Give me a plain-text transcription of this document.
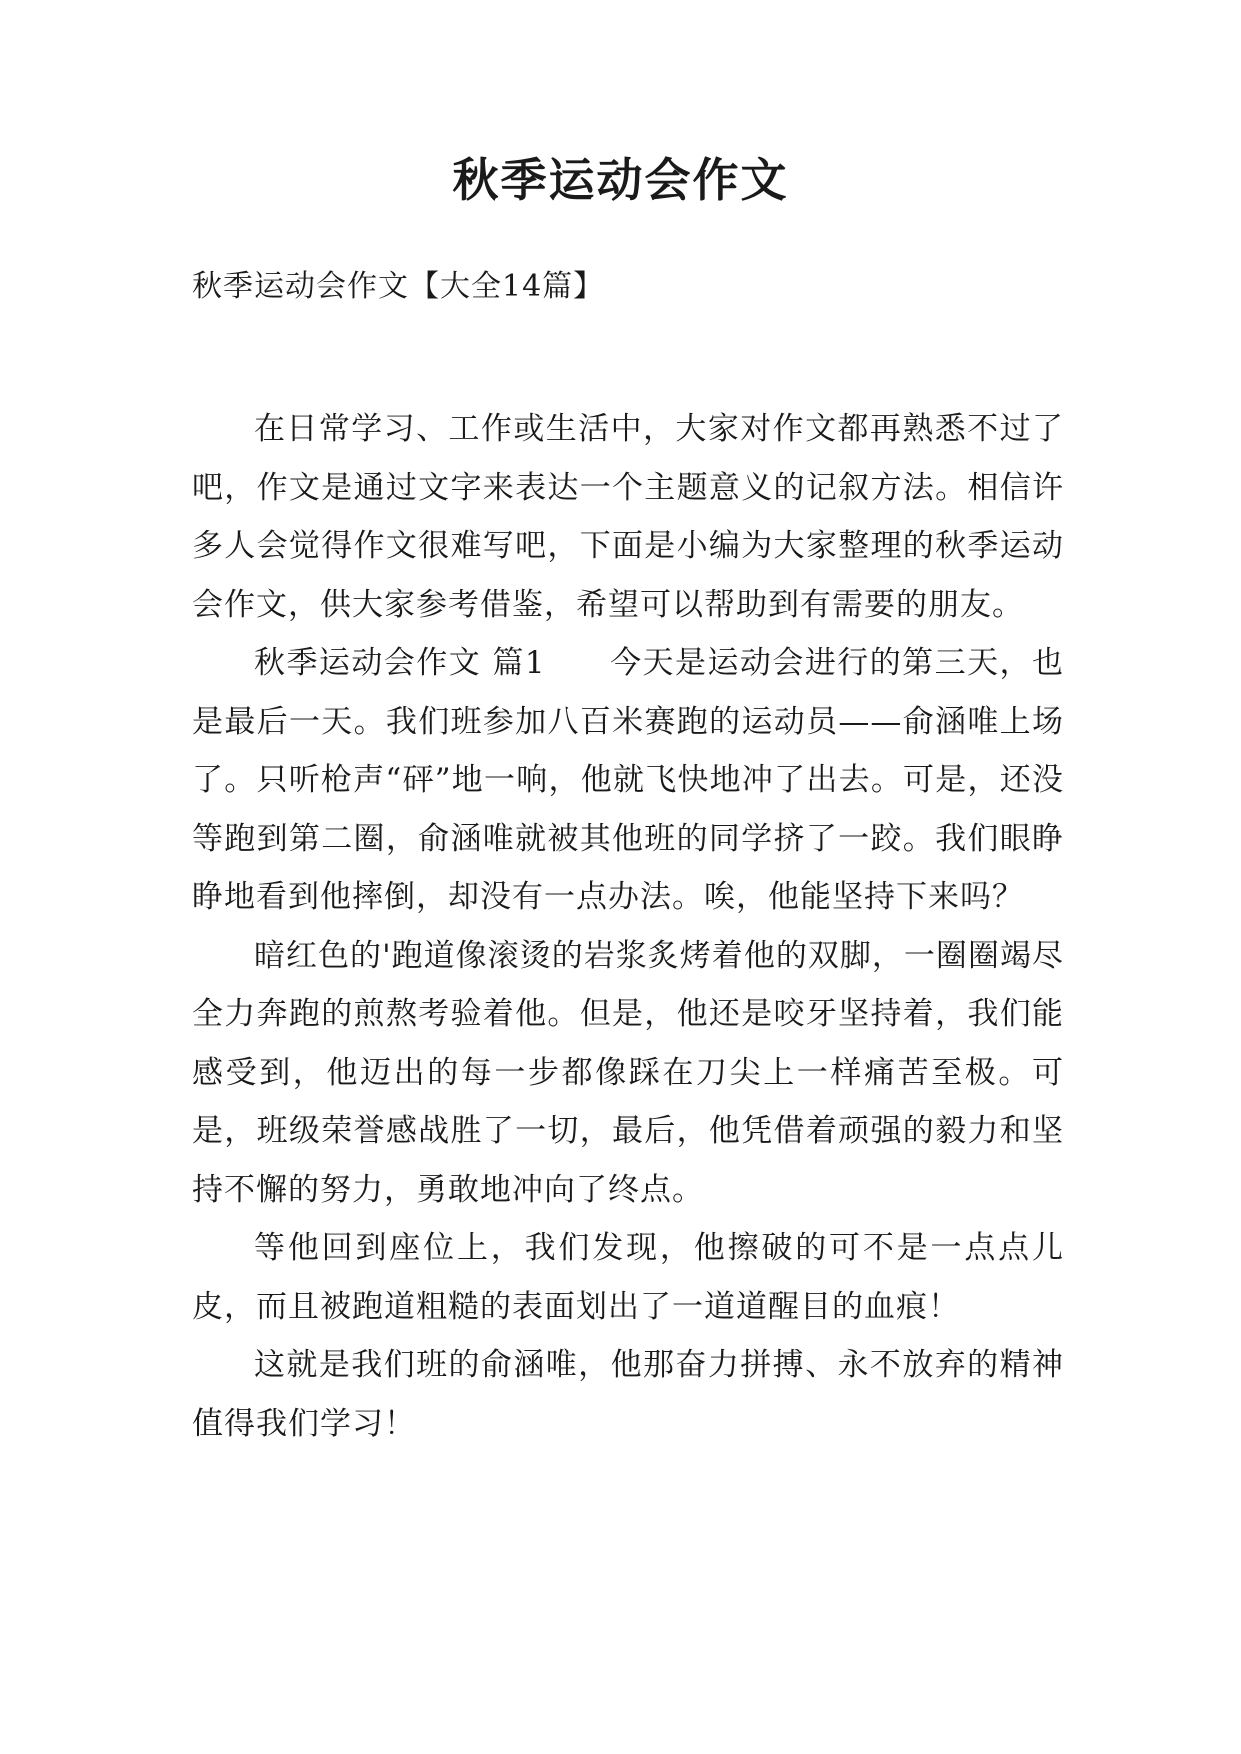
秋季运动会作文
秋季运动会作文【大全14篇】

在日常学习、工作或生活中，大家对作文都再熟悉不过了吧，作文是通过文字来表达一个主题意义的记叙方法。相信许多人会觉得作文很难写吧，下面是小编为大家整理的秋季运动会作文，供大家参考借鉴，希望可以帮助到有需要的朋友。

秋季运动会作文 篇1 今天是运动会进行的第三天，也是最后一天。我们班参加八百米赛跑的运动员——俞涵唯上场了。只听枪声“砰”地一响，他就飞快地冲了出去。可是，还没等跑到第二圈，俞涵唯就被其他班的同学挤了一跤。我们眼睁睁地看到他摔倒，却没有一点办法。唉，他能坚持下来吗？

暗红色的'跑道像滚烫的岩浆炙烤着他的双脚，一圈圈竭尽全力奔跑的煎熬考验着他。但是，他还是咬牙坚持着，我们能感受到，他迈出的每一步都像踩在刀尖上一样痛苦至极。可是，班级荣誉感战胜了一切，最后，他凭借着顽强的毅力和坚持不懈的努力，勇敢地冲向了终点。

等他回到座位上，我们发现，他擦破的可不是一点点儿皮，而且被跑道粗糙的表面划出了一道道醒目的血痕！

这就是我们班的俞涵唯，他那奋力拼搏、永不放弃的精神值得我们学习！
